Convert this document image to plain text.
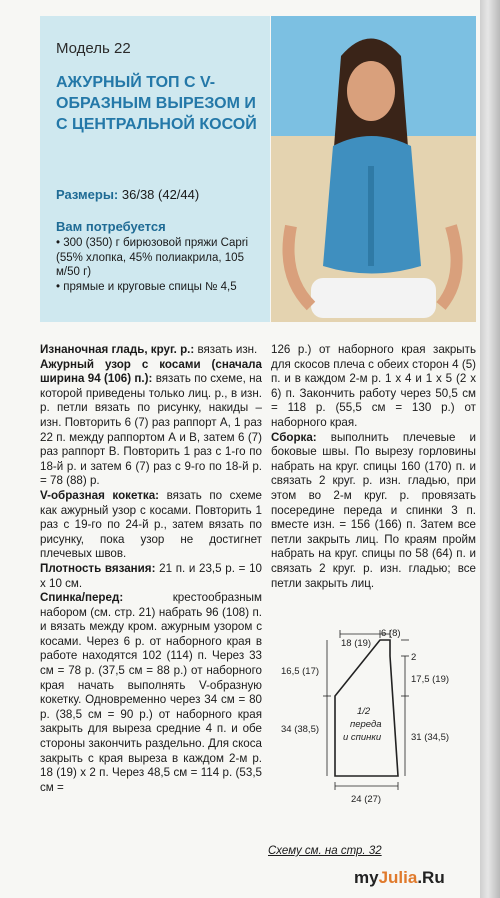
Модель 22
АЖУРНЫЙ ТОП С V-ОБРАЗНЫМ ВЫРЕЗОМ И С ЦЕНТРАЛЬНОЙ КОСОЙ
Размеры: 36/38 (42/44)
Вам потребуется
• 300 (350) г бирюзовой пряжи Capri (55% хлопка, 45% полиакрила, 105 м/50 г)
• прямые и круговые спицы № 4,5

Изнаночная гладь, круг. р.: вязать изн.

Ажурный узор с косами (сначала ширина 94 (106) п.): вязать по схеме, на которой приведены только лиц. р., в изн. р. петли вязать по рисунку, накиды – изн. Повторить 6 (7) раз раппорт А, 1 раз 22 п. между раппортом А и В, затем 6 (7) раз раппорт В. Повторить 1 раз с 1-го по 18-й р. и затем 6 (7) раз с 9-го по 18-й р. = 78 (88) р.

V-образная кокетка: вязать по схеме как ажурный узор с косами. Повторить 1 раз с 19-го по 24-й р., затем вязать по рисунку, пока узор не достигнет плечевых швов.

Плотность вязания: 21 п. и 23,5 р. = 10 х 10 см.

Спинка/перед: крестообразным набором (см. стр. 21) набрать 96 (108) п. и вязать между кром. ажурным узором с косами. Через 6 р. от наборного края в работе находятся 102 (114) п. Через 33 см = 78 р. (37,5 см = 88 р.) от наборного края начать выполнять V-образную кокетку. Одновременно через 34 см = 80 р. (38,5 см = 90 р.) от наборного края закрыть для выреза средние 4 п. и обе стороны закончить раздельно. Для скоса закрыть с края выреза в каждом 2-м р. 18 (19) х 2 п. Через 48,5 см = 114 р. (53,5 см =

126 р.) от наборного края закрыть для скосов плеча с обеих сторон 4 (5) п. и в каждом 2-м р. 1 х 4 и 1 х 5 (2 х 6) п. Закончить работу через 50,5 см = 118 р. (55,5 см = 130 р.) от наборного края.

Сборка: выполнить плечевые и боковые швы. По вырезу горловины набрать на круг. спицы 160 (170) п. и связать 2 круг. р. изн. гладью, при этом во 2-м круг. р. провязать посередине переда и спинки 3 п. вместе изн. = 156 (166) п. Затем все петли закрыть лиц. По краям пройм набрать на круг. спицы по 58 (64) п. и связать 2 круг. р. изн. гладью; все петли закрыть лиц.

18 (19)
6 (8)
16,5 (17)
34 (38,5)
2
17,5 (19)
31 (34,5)
24 (27)
1/2
переда
и спинки
Схему см. на стр. 32
myJulia.Ru
